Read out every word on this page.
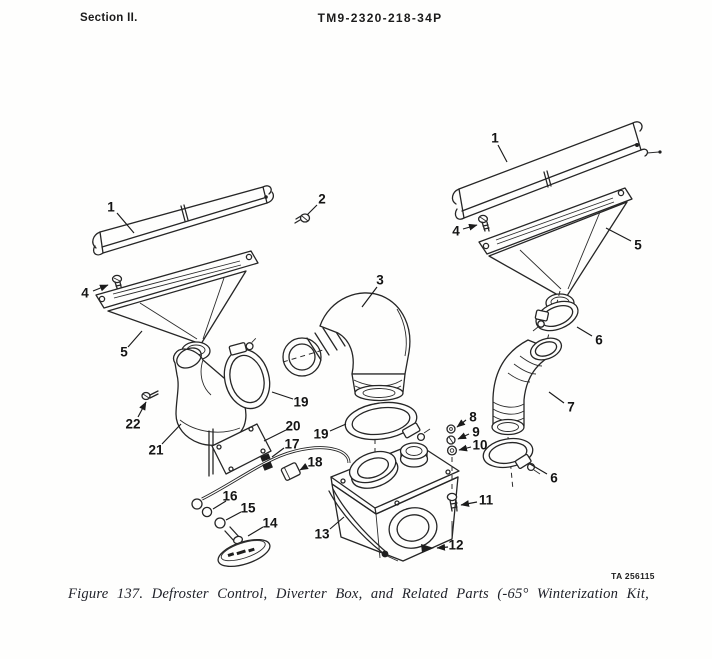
Section II.	TM9-2320-218-34P
1
2
4
5
22
21
19
3
19
20
17
18
16
15
14
13
12
8
9
10
11
1
4
5
6
7
6
TA 256115
Figure 137. Defroster Control, Diverter Box, and Related Parts (-65° Winterization Kit,
